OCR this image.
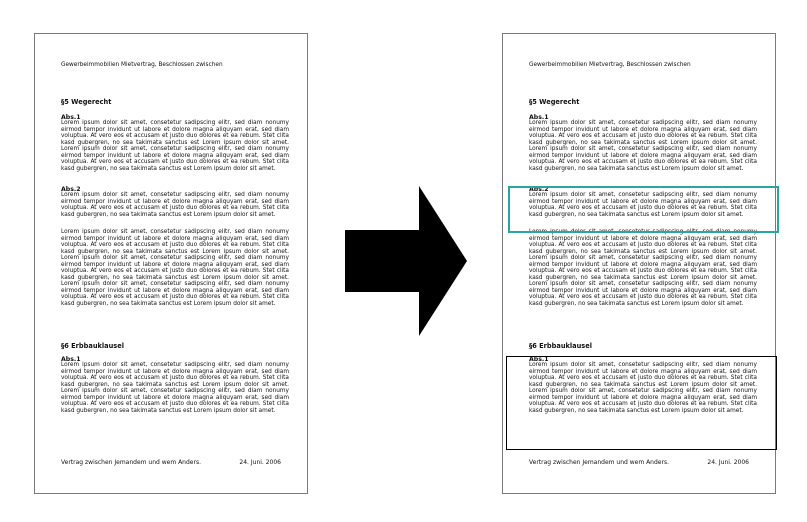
Gewerbeimmobilien Mietvertrag, Beschlossen zwischen
§5 Wegerecht
Abs.1
Lorem ipsum dolor sit amet, consetetur sadipscing elitr, sed diam nonumy eirmod tempor invidunt ut labore et dolore magna aliquyam erat, sed diam voluptua. At vero eos et accusam et justo duo dolores et ea rebum. Stet clita kasd gubergren, no sea takimata sanctus est Lorem ipsum dolor sit amet. Lorem ipsum dolor sit amet, consetetur sadipscing elitr, sed diam nonumy eirmod tempor invidunt ut labore et dolore magna aliquyam erat, sed diam voluptua. At vero eos et accusam et justo duo dolores et ea rebum. Stet clita kasd gubergren, no sea takimata sanctus est Lorem ipsum dolor sit amet.
Abs.2
Lorem ipsum dolor sit amet, consetetur sadipscing elitr, sed diam nonumy eirmod tempor invidunt ut labore et dolore magna aliquyam erat, sed diam voluptua. At vero eos et accusam et justo duo dolores et ea rebum. Stet clita kasd gubergren, no sea takimata sanctus est Lorem ipsum dolor sit amet.
Lorem ipsum dolor sit amet, consetetur sadipscing elitr, sed diam nonumy eirmod tempor invidunt ut labore et dolore magna aliquyam erat, sed diam voluptua. At vero eos et accusam et justo duo dolores et ea rebum. Stet clita kasd gubergren, no sea takimata sanctus est Lorem ipsum dolor sit amet. Lorem ipsum dolor sit amet, consetetur sadipscing elitr, sed diam nonumy eirmod tempor invidunt ut labore et dolore magna aliquyam erat, sed diam voluptua. At vero eos et accusam et justo duo dolores et ea rebum. Stet clita kasd gubergren, no sea takimata sanctus est Lorem ipsum dolor sit amet. Lorem ipsum dolor sit amet, consetetur sadipscing elitr, sed diam nonumy eirmod tempor invidunt ut labore et dolore magna aliquyam erat, sed diam voluptua. At vero eos et accusam et justo duo dolores et ea rebum. Stet clita kasd gubergren, no sea takimata sanctus est Lorem ipsum dolor sit amet.
§6 Erbbauklausel
Abs.1
Lorem ipsum dolor sit amet, consetetur sadipscing elitr, sed diam nonumy eirmod tempor invidunt ut labore et dolore magna aliquyam erat, sed diam voluptua. At vero eos et accusam et justo duo dolores et ea rebum. Stet clita kasd gubergren, no sea takimata sanctus est Lorem ipsum dolor sit amet. Lorem ipsum dolor sit amet, consetetur sadipscing elitr, sed diam nonumy eirmod tempor invidunt ut labore et dolore magna aliquyam erat, sed diam voluptua. At vero eos et accusam et justo duo dolores et ea rebum. Stet clita kasd gubergren, no sea takimata sanctus est Lorem ipsum dolor sit amet.
Vertrag zwischen Jemandem und wem Anders.	24. Juni. 2006
Gewerbeimmobilien Mietvertrag, Beschlossen zwischen
§5 Wegerecht
Abs.1
Lorem ipsum dolor sit amet, consetetur sadipscing elitr, sed diam nonumy eirmod tempor invidunt ut labore et dolore magna aliquyam erat, sed diam voluptua. At vero eos et accusam et justo duo dolores et ea rebum. Stet clita kasd gubergren, no sea takimata sanctus est Lorem ipsum dolor sit amet. Lorem ipsum dolor sit amet, consetetur sadipscing elitr, sed diam nonumy eirmod tempor invidunt ut labore et dolore magna aliquyam erat, sed diam voluptua. At vero eos et accusam et justo duo dolores et ea rebum. Stet clita kasd gubergren, no sea takimata sanctus est Lorem ipsum dolor sit amet.
Abs.2
Lorem ipsum dolor sit amet, consetetur sadipscing elitr, sed diam nonumy eirmod tempor invidunt ut labore et dolore magna aliquyam erat, sed diam voluptua. At vero eos et accusam et justo duo dolores et ea rebum. Stet clita kasd gubergren, no sea takimata sanctus est Lorem ipsum dolor sit amet.
Lorem ipsum dolor sit amet, consetetur sadipscing elitr, sed diam nonumy eirmod tempor invidunt ut labore et dolore magna aliquyam erat, sed diam voluptua. At vero eos et accusam et justo duo dolores et ea rebum. Stet clita kasd gubergren, no sea takimata sanctus est Lorem ipsum dolor sit amet. Lorem ipsum dolor sit amet, consetetur sadipscing elitr, sed diam nonumy eirmod tempor invidunt ut labore et dolore magna aliquyam erat, sed diam voluptua. At vero eos et accusam et justo duo dolores et ea rebum. Stet clita kasd gubergren, no sea takimata sanctus est Lorem ipsum dolor sit amet. Lorem ipsum dolor sit amet, consetetur sadipscing elitr, sed diam nonumy eirmod tempor invidunt ut labore et dolore magna aliquyam erat, sed diam voluptua. At vero eos et accusam et justo duo dolores et ea rebum. Stet clita kasd gubergren, no sea takimata sanctus est Lorem ipsum dolor sit amet.
§6 Erbbauklausel
Abs.1
Lorem ipsum dolor sit amet, consetetur sadipscing elitr, sed diam nonumy eirmod tempor invidunt ut labore et dolore magna aliquyam erat, sed diam voluptua. At vero eos et accusam et justo duo dolores et ea rebum. Stet clita kasd gubergren, no sea takimata sanctus est Lorem ipsum dolor sit amet. Lorem ipsum dolor sit amet, consetetur sadipscing elitr, sed diam nonumy eirmod tempor invidunt ut labore et dolore magna aliquyam erat, sed diam voluptua. At vero eos et accusam et justo duo dolores et ea rebum. Stet clita kasd gubergren, no sea takimata sanctus est Lorem ipsum dolor sit amet.
Vertrag zwischen Jemandem und wem Anders.	24. Juni. 2006
